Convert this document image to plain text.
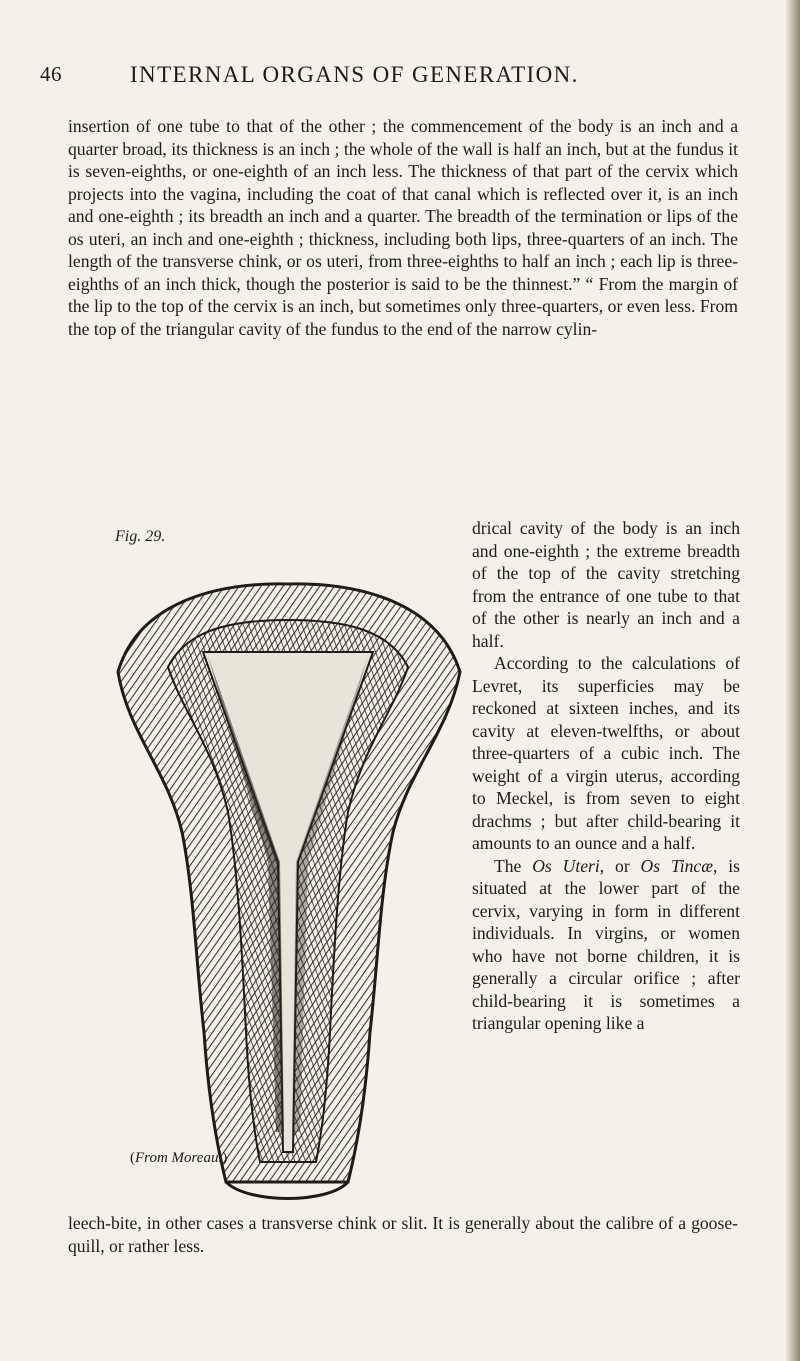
46	INTERNAL ORGANS OF GENERATION.

insertion of one tube to that of the other ; the commencement of the body is an inch and a quarter broad, its thickness is an inch ; the whole of the wall is half an inch, but at the fundus it is seven-eighths, or one-eighth of an inch less. The thickness of that part of the cervix which projects into the vagina, including the coat of that canal which is reflected over it, is an inch and one-eighth ; its breadth an inch and a quarter. The breadth of the termination or lips of the os uteri, an inch and one-eighth ; thickness, including both lips, three-quarters of an inch. The length of the transverse chink, or os uteri, from three-eighths to half an inch ; each lip is three-eighths of an inch thick, though the posterior is said to be the thinnest.” “ From the margin of the lip to the top of the cervix is an inch, but sometimes only three-quarters, or even less. From the top of the triangular cavity of the fundus to the end of the narrow cylin-

Fig. 29.
(From Moreau.)

drical cavity of the body is an inch and one-eighth ; the extreme breadth of the top of the cavity stretching from the entrance of one tube to that of the other is nearly an inch and a half.

According to the calculations of Levret, its superficies may be reckoned at sixteen inches, and its cavity at eleven-twelfths, or about three-quarters of a cubic inch. The weight of a virgin uterus, according to Meckel, is from seven to eight drachms ; but after child-bearing it amounts to an ounce and a half.

The Os Uteri, or Os Tincæ, is situated at the lower part of the cervix, varying in form in different individuals. In virgins, or women who have not borne children, it is generally a circular orifice ; after child-bearing it is sometimes a triangular opening like a

leech-bite, in other cases a transverse chink or slit. It is generally about the calibre of a goose-quill, or rather less.
